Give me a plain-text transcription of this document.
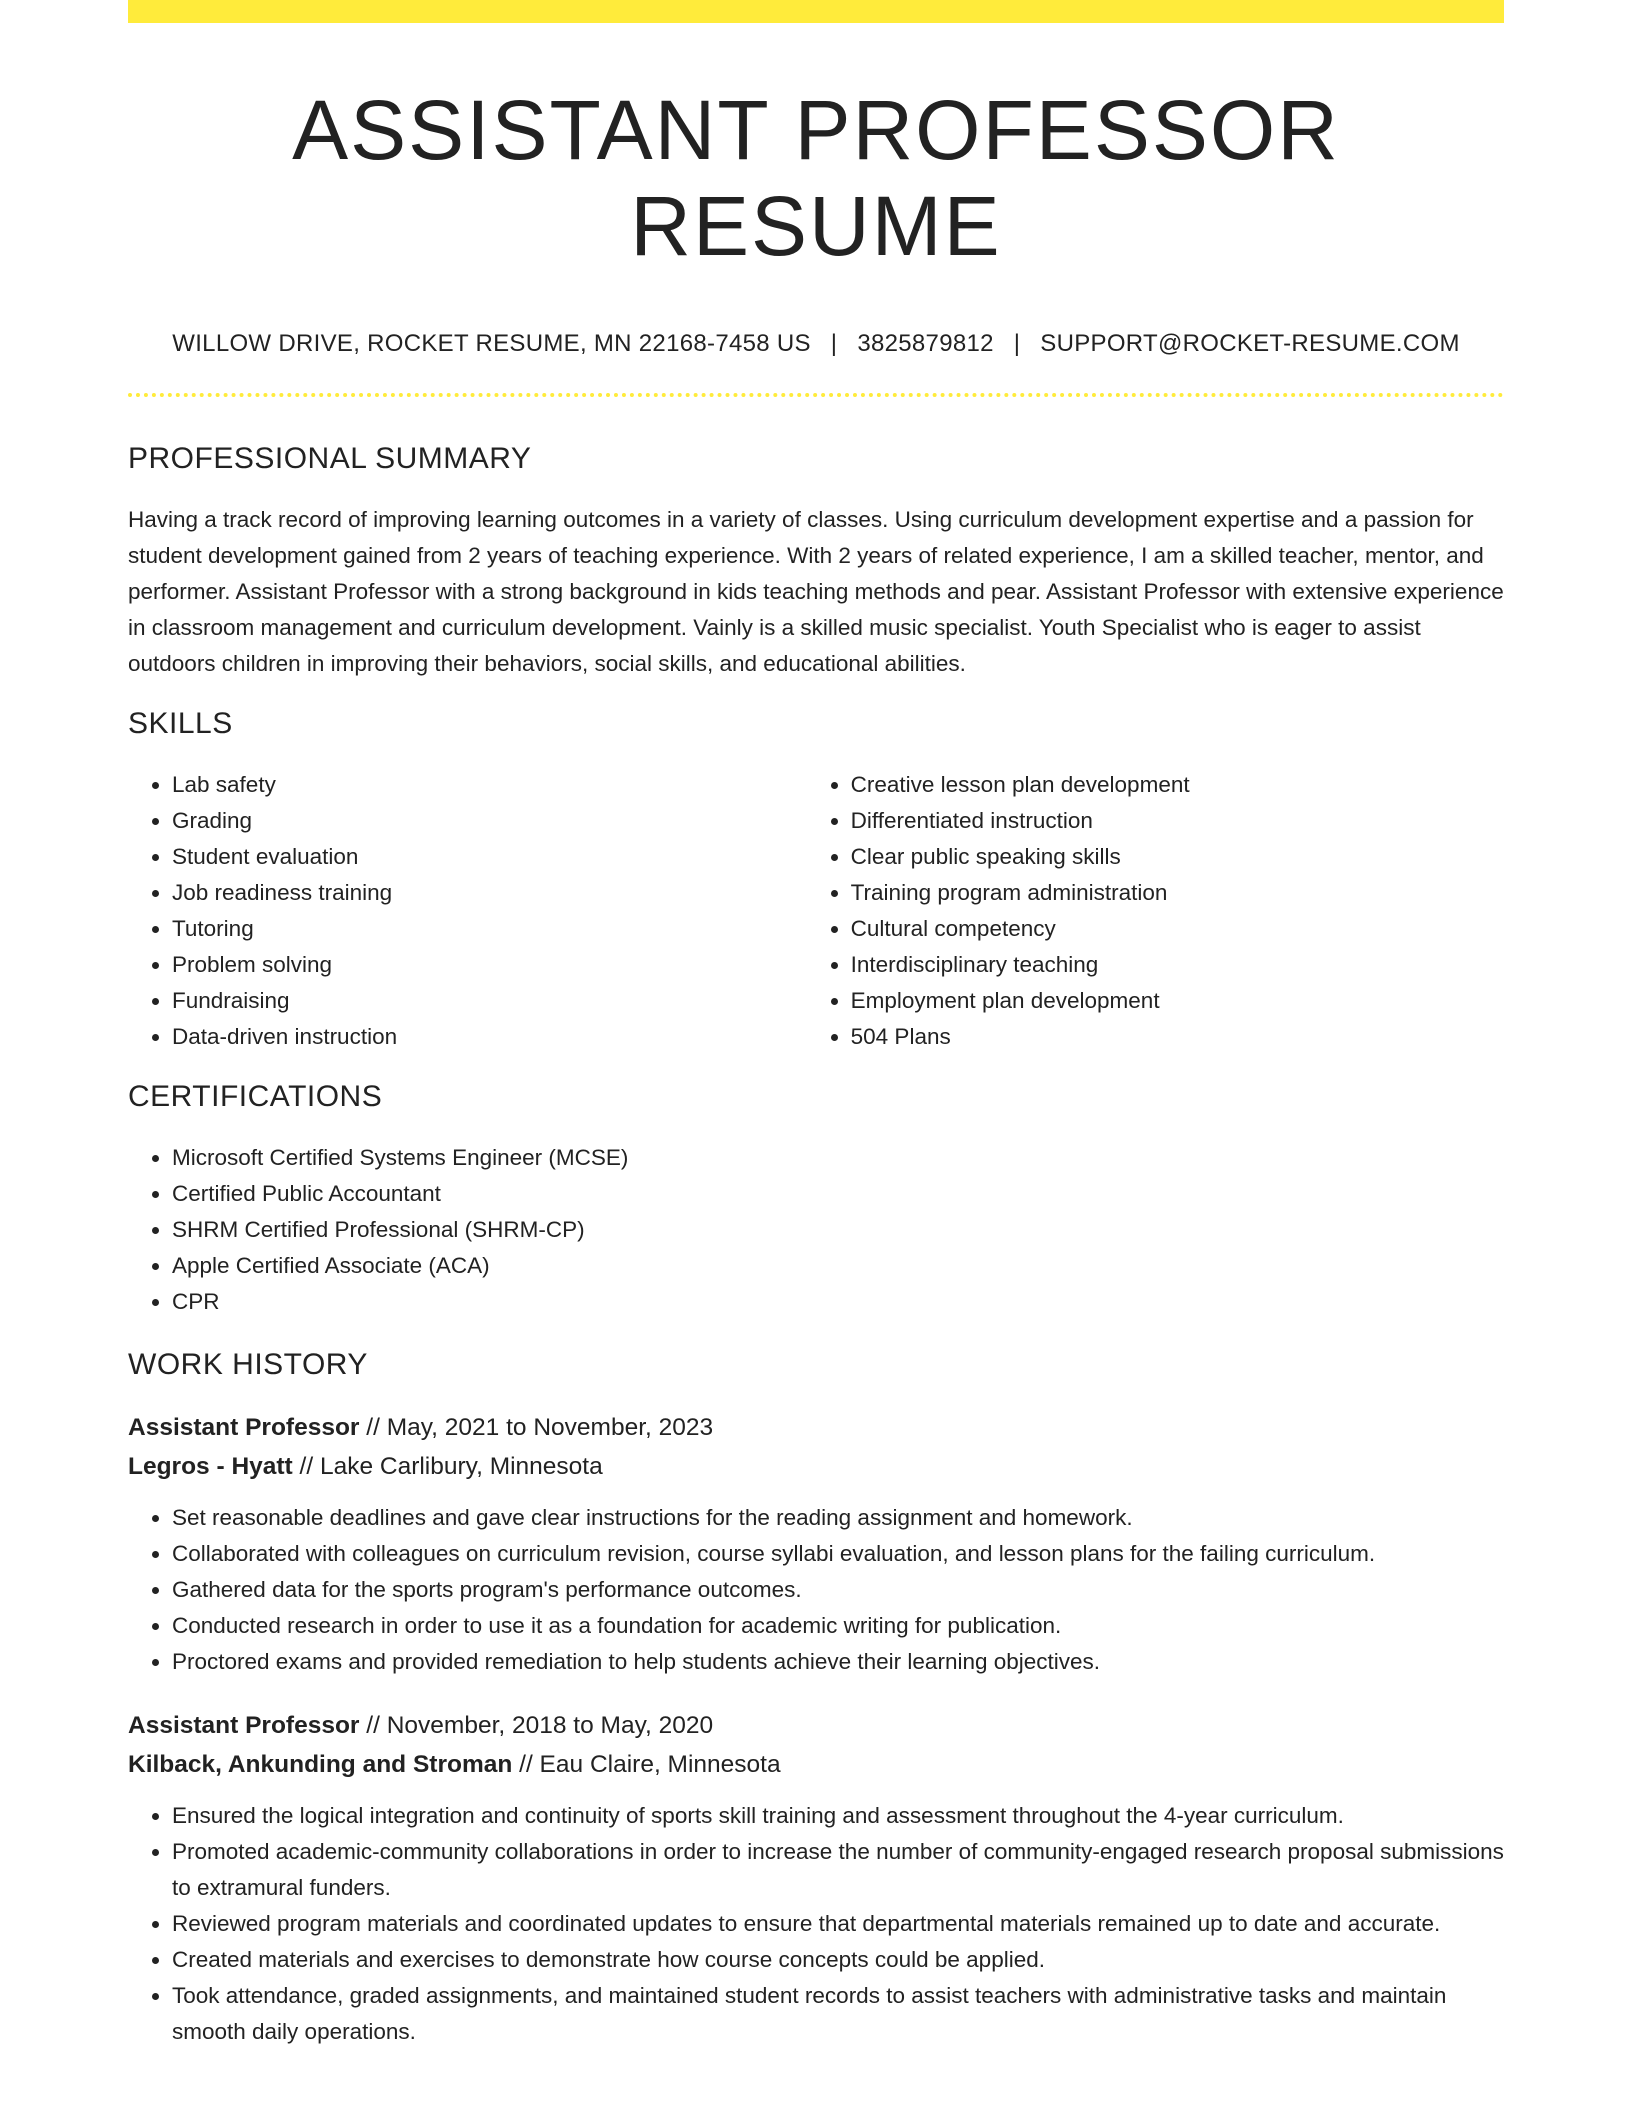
ASSISTANT PROFESSOR RESUME
WILLOW DRIVE, ROCKET RESUME, MN 22168-7458 US | 3825879812 | SUPPORT@ROCKET-RESUME.COM
PROFESSIONAL SUMMARY

Having a track record of improving learning outcomes in a variety of classes. Using curriculum development expertise and a passion for student development gained from 2 years of teaching experience. With 2 years of related experience, I am a skilled teacher, mentor, and performer. Assistant Professor with a strong background in kids teaching methods and pear. Assistant Professor with extensive experience in classroom management and curriculum development. Vainly is a skilled music specialist. Youth Specialist who is eager to assist outdoors children in improving their behaviors, social skills, and educational abilities.

SKILLS
• Lab safety
• Grading
• Student evaluation
• Job readiness training
• Tutoring
• Problem solving
• Fundraising
• Data-driven instruction
• Creative lesson plan development
• Differentiated instruction
• Clear public speaking skills
• Training program administration
• Cultural competency
• Interdisciplinary teaching
• Employment plan development
• 504 Plans
CERTIFICATIONS
• Microsoft Certified Systems Engineer (MCSE)
• Certified Public Accountant
• SHRM Certified Professional (SHRM-CP)
• Apple Certified Associate (ACA)
• CPR
WORK HISTORY
Assistant Professor // May, 2021 to November, 2023
Legros - Hyatt // Lake Carlibury, Minnesota
• Set reasonable deadlines and gave clear instructions for the reading assignment and homework.
• Collaborated with colleagues on curriculum revision, course syllabi evaluation, and lesson plans for the failing curriculum.
• Gathered data for the sports program's performance outcomes.
• Conducted research in order to use it as a foundation for academic writing for publication.
• Proctored exams and provided remediation to help students achieve their learning objectives.
Assistant Professor // November, 2018 to May, 2020
Kilback, Ankunding and Stroman // Eau Claire, Minnesota
• Ensured the logical integration and continuity of sports skill training and assessment throughout the 4-year curriculum.
• Promoted academic-community collaborations in order to increase the number of community-engaged research proposal submissions to extramural funders.
• Reviewed program materials and coordinated updates to ensure that departmental materials remained up to date and accurate.
• Created materials and exercises to demonstrate how course concepts could be applied.
• Took attendance, graded assignments, and maintained student records to assist teachers with administrative tasks and maintain smooth daily operations.
